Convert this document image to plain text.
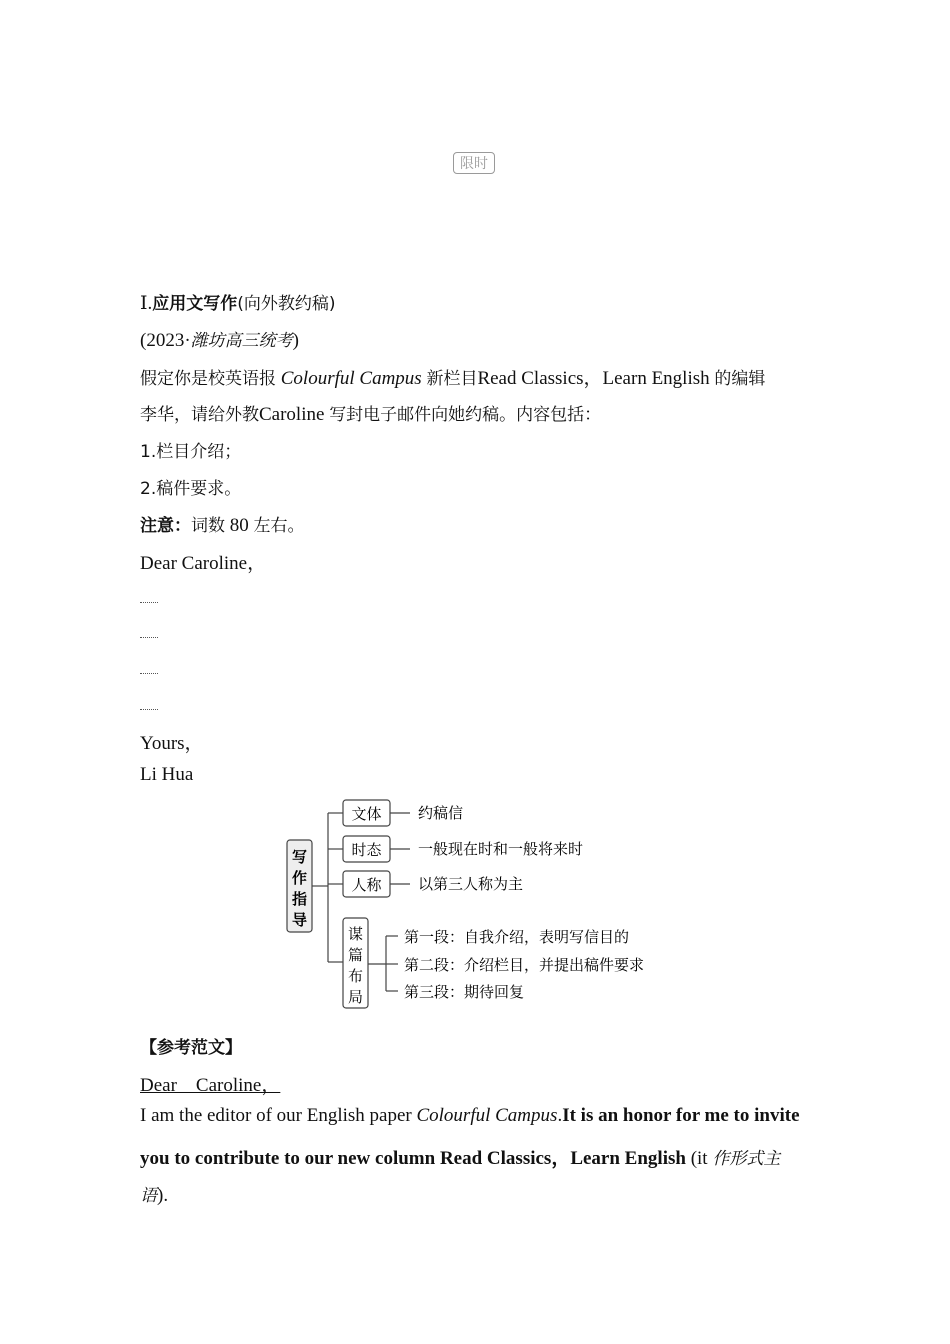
限时
Ⅰ.应用文写作(向外教约稿)
(2023·潍坊高三统考)
假定你是校英语报 Colourful Campus 新栏目Read Classics，Learn English 的编辑
李华，请给外教Caroline 写封电子邮件向她约稿。内容包括：
1.栏目介绍；
2.稿件要求。
注意：词数 80 左右。
Dear Caroline，
Yours，
Li Hua
写
作
指
导
文体 约稿信
时态 一般现在时和一般将来时
人称 以第三人称为主
谋
篇
布
局
第一段：自我介绍，表明写信目的
第二段：介绍栏目，并提出稿件要求
第三段：期待回复
【参考范文】
Dear　Caroline，
I am the editor of our English paper Colourful Campus.It is an honor for me to invite
you to contribute to our new column Read Classics，Learn English (it 作形式主
语).
